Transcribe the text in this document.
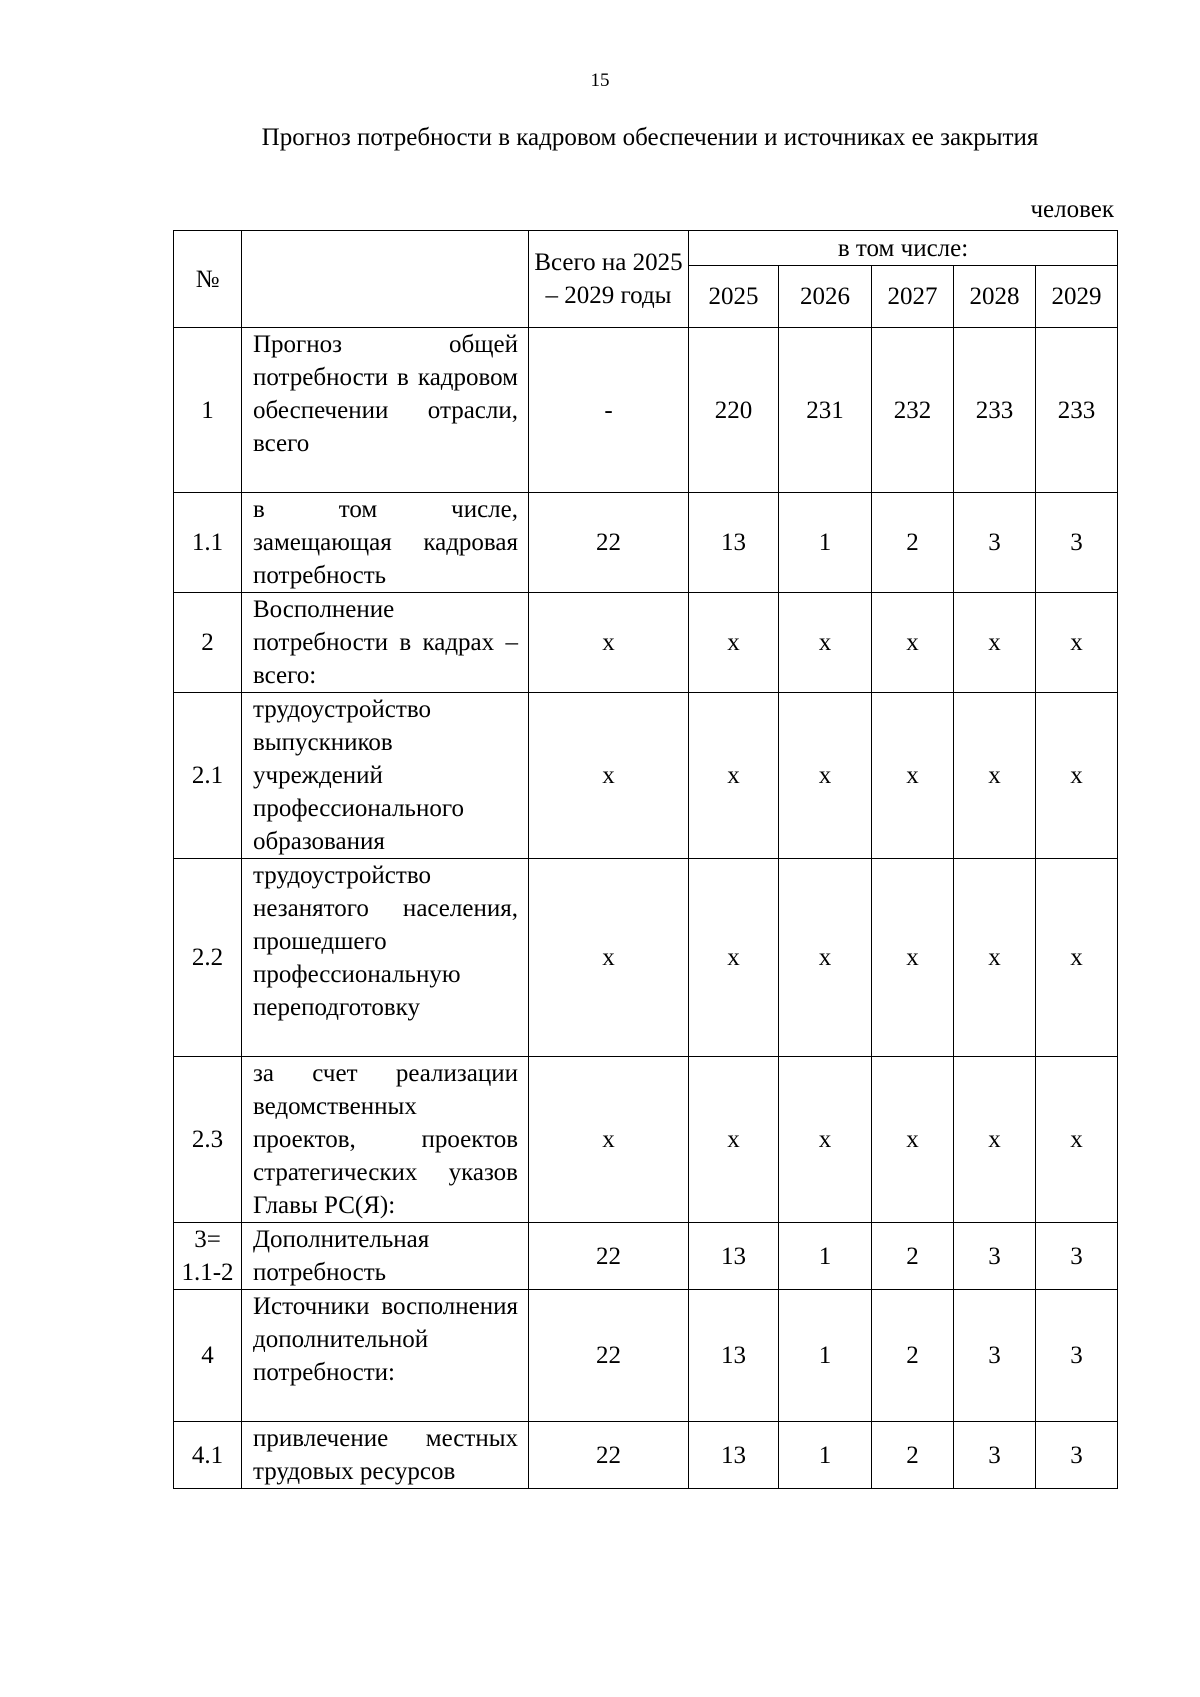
15
Прогноз потребности в кадровом обеспечении и источниках ее закрытия
человек
№		Всего на 2025 – 2029 годы	в том числе:				
			2025	2026	2027	2028	2029
1	Прогноз общей потребности в кадровом обеспечении отрасли, всего	-	220	231	232	233	233
1.1	в том числе, замещающая кадровая потребность	22	13	1	2	3	3
2	Восполнение потребности в кадрах – всего:	х	х	х	х	х	х
2.1	трудоустройство выпускников учреждений профессионального образования	х	х	х	х	х	х
2.2	трудоустройство незанятого населения, прошедшего профессиональную переподготовку	х	х	х	х	х	х
2.3	за счет реализации ведомственных проектов, проектов стратегических указов Главы РС(Я):	х	х	х	х	х	х
3= 1.1-2	Дополнительная потребность	22	13	1	2	3	3
4	Источники восполнения дополнительной потребности:	22	13	1	2	3	3
4.1	привлечение местных трудовых ресурсов	22	13	1	2	3	3
